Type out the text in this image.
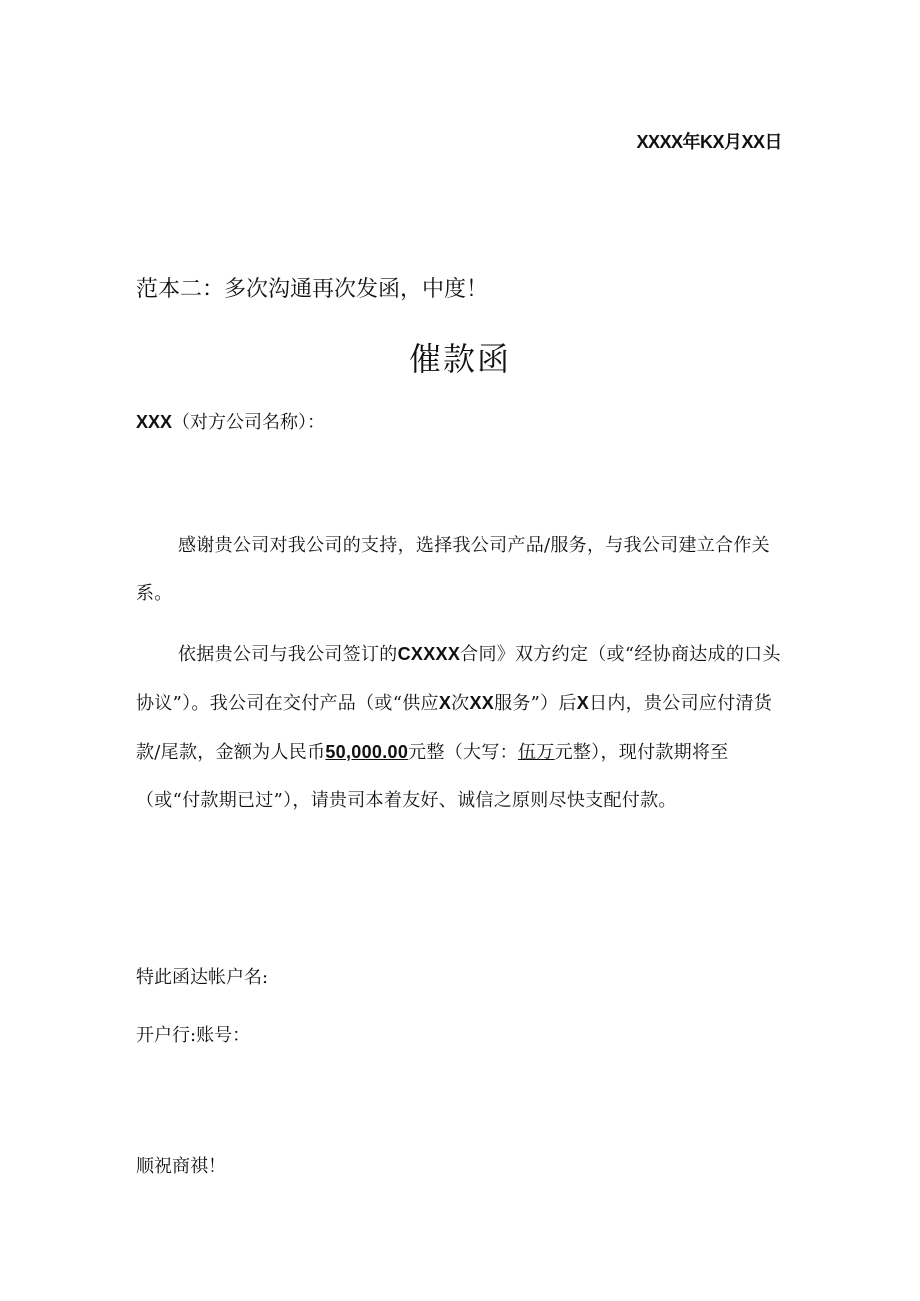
XXXX年KX月XX日
范本二：多次沟通再次发函，中度！
催款函
XXX（对方公司名称）：

感谢贵公司对我公司的支持，选择我公司产品/服务，与我公司建立合作关系。

依据贵公司与我公司签订的CXXXX合同》双方约定（或“经协商达成的口头协议”）。我公司在交付产品（或“供应X次XX服务”）后X日内，贵公司应付清货款/尾款，金额为人民币50,000.00元整（大写：伍万元整），现付款期将至（或“付款期已过”），请贵司本着友好、诚信之原则尽快支配付款。

特此函达帐户名:
开户行:账号：
顺祝商祺！
